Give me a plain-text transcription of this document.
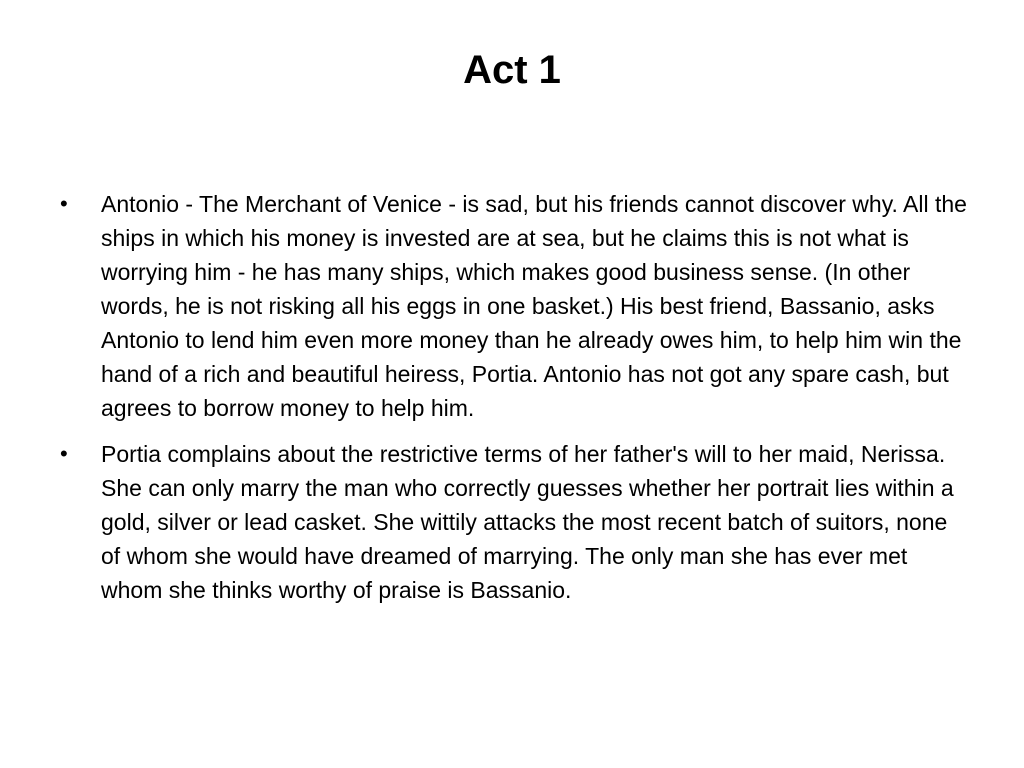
Act 1
• Antonio - The Merchant of Venice - is sad, but his friends cannot discover why. All the ships in which his money is invested are at sea, but he claims this is not what is worrying him - he has many ships, which makes good business sense. (In other words, he is not risking all his eggs in one basket.) His best friend, Bassanio, asks Antonio to lend him even more money than he already owes him, to help him win the hand of a rich and beautiful heiress, Portia. Antonio has not got any spare cash, but agrees to borrow money to help him.
• Portia complains about the restrictive terms of her father's will to her maid, Nerissa. She can only marry the man who correctly guesses whether her portrait lies within a gold, silver or lead casket. She wittily attacks the most recent batch of suitors, none of whom she would have dreamed of marrying. The only man she has ever met whom she thinks worthy of praise is Bassanio.
